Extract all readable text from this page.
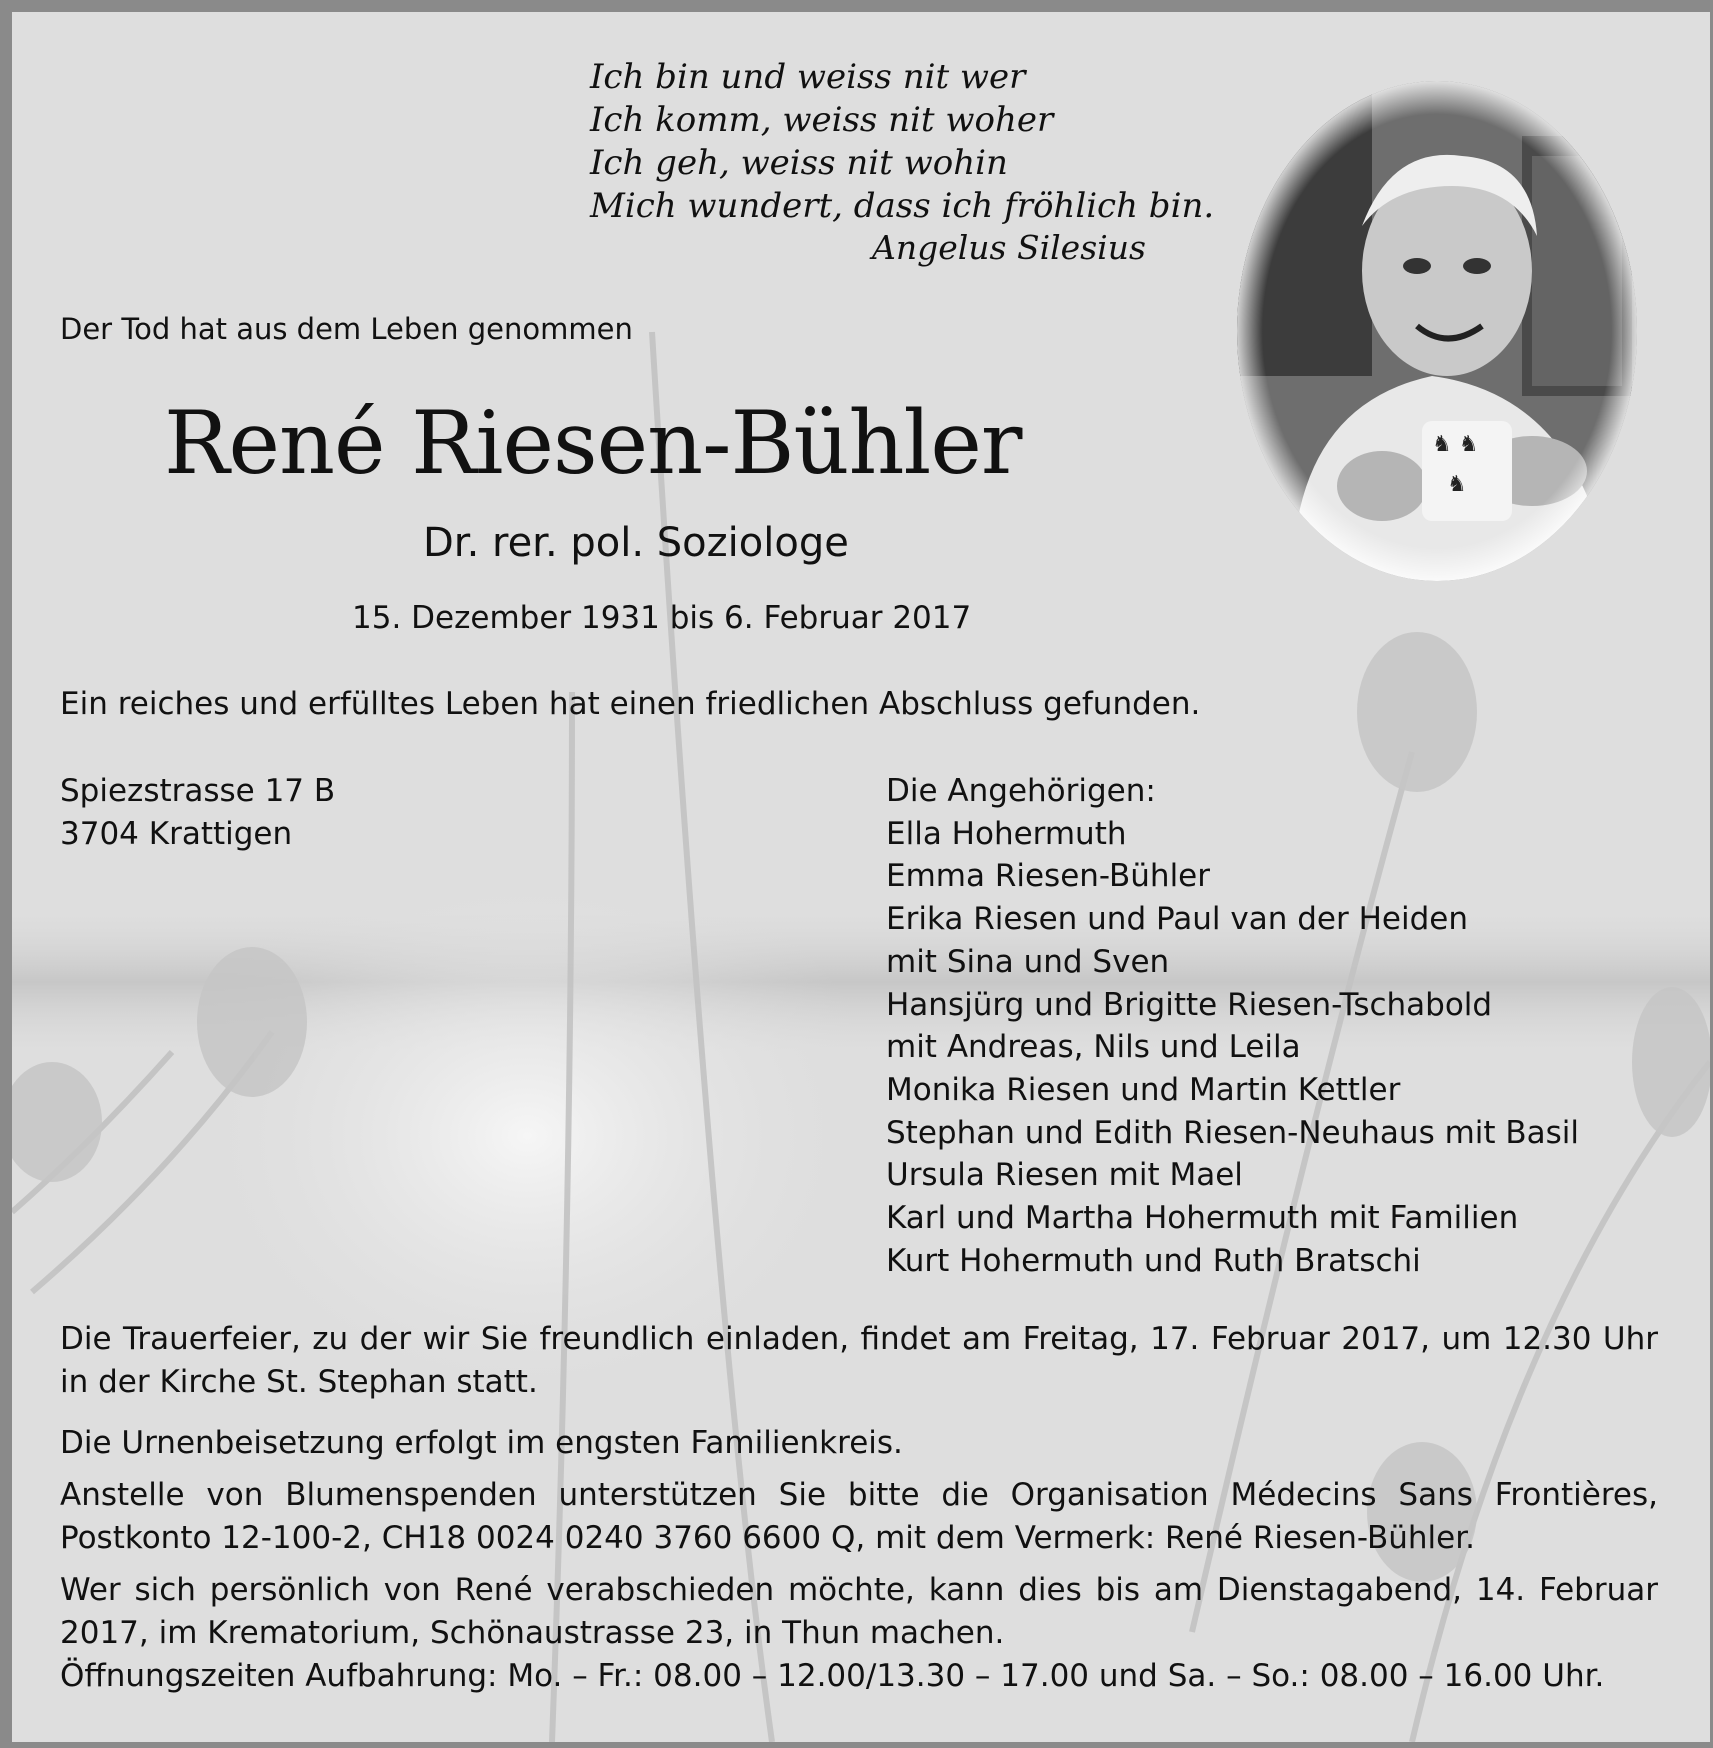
Ich bin und weiss nit wer
Ich komm, weiss nit woher
Ich geh, weiss nit wohin
Mich wundert, dass ich fröhlich bin.
Angelus Silesius
Der Tod hat aus dem Leben genommen
René Riesen-Bühler
Dr. rer. pol. Soziologe
15. Dezember 1931 bis 6. Februar 2017
Ein reiches und erfülltes Leben hat einen friedlichen Abschluss gefunden.
Spiezstrasse 17 B
3704 Krattigen
Die Angehörigen:
Ella Hohermuth
Emma Riesen-Bühler
Erika Riesen und Paul van der Heiden
mit Sina und Sven
Hansjürg und Brigitte Riesen-Tschabold
mit Andreas, Nils und Leila
Monika Riesen und Martin Kettler
Stephan und Edith Riesen-Neuhaus mit Basil
Ursula Riesen mit Mael
Karl und Martha Hohermuth mit Familien
Kurt Hohermuth und Ruth Bratschi
Die Trauerfeier, zu der wir Sie freundlich einladen, findet am Freitag, 17. Februar 2017, um 12.30 Uhr in der Kirche St. Stephan statt.
Die Urnenbeisetzung erfolgt im engsten Familienkreis.
Anstelle von Blumenspenden unterstützen Sie bitte die Organisation Médecins Sans Frontières, Postkonto 12-100-2, CH18 0024 0240 3760 6600 Q, mit dem Vermerk: René Riesen-Bühler.
Wer sich persönlich von René verabschieden möchte, kann dies bis am Dienstagabend, 14. Februar 2017, im Krematorium, Schönaustrasse 23, in Thun machen.
Öffnungszeiten Aufbahrung: Mo. – Fr.: 08.00 – 12.00/13.30 – 17.00 und Sa. – So.: 08.00 – 16.00 Uhr.
